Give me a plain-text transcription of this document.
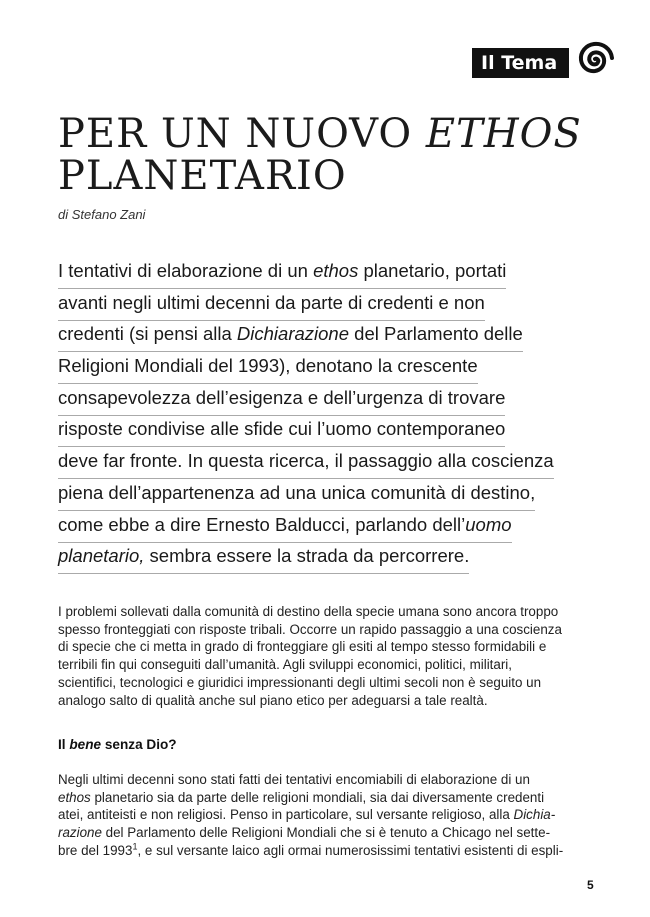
Il Tema
PER UN NUOVO ETHOS
PLANETARIO
di Stefano Zani
I tentativi di elaborazione di un ethos planetario, portati
avanti negli ultimi decenni da parte di credenti e non
credenti (si pensi alla Dichiarazione del Parlamento delle
Religioni Mondiali del 1993), denotano la crescente
consapevolezza dell’esigenza e dell’urgenza di trovare
risposte condivise alle sfide cui l’uomo contemporaneo
deve far fronte. In questa ricerca, il passaggio alla coscienza
piena dell’appartenenza ad una unica comunità di destino,
come ebbe a dire Ernesto Balducci, parlando dell’uomo
planetario, sembra essere la strada da percorrere.
I problemi sollevati dalla comunità di destino della specie umana sono ancora troppo
spesso fronteggiati con risposte tribali. Occorre un rapido passaggio a una coscienza
di specie che ci metta in grado di fronteggiare gli esiti al tempo stesso formidabili e
terribili fin qui conseguiti dall’umanità. Agli sviluppi economici, politici, militari,
scientifici, tecnologici e giuridici impressionanti degli ultimi secoli non è seguito un
analogo salto di qualità anche sul piano etico per adeguarsi a tale realtà.
Il bene senza Dio?
Negli ultimi decenni sono stati fatti dei tentativi encomiabili di elaborazione di un
ethos planetario sia da parte delle religioni mondiali, sia dai diversamente credenti
atei, antiteisti e non religiosi. Penso in particolare, sul versante religioso, alla Dichia-
razione del Parlamento delle Religioni Mondiali che si è tenuto a Chicago nel sette-
bre del 1993$^1$, e sul versante laico agli ormai numerosissimi tentativi esistenti di espli-
5
